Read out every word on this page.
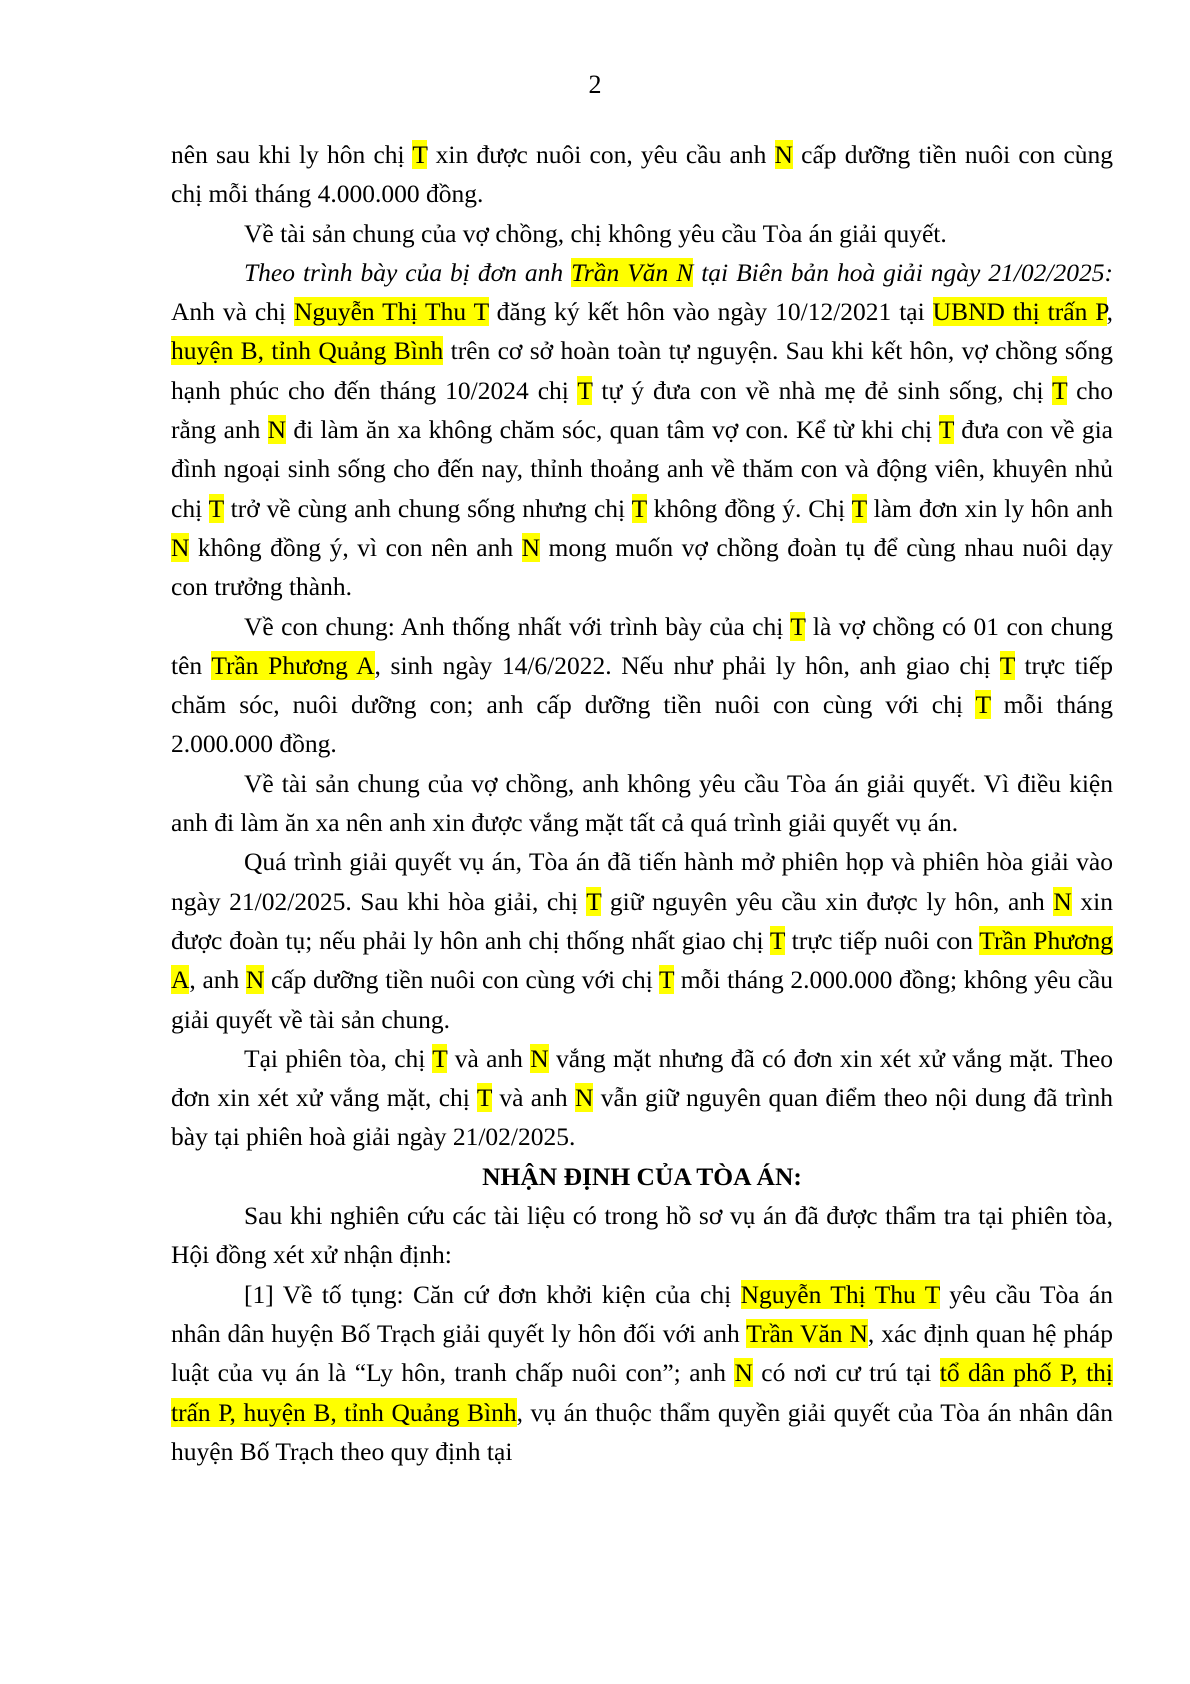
2

nên sau khi ly hôn chị T xin được nuôi con, yêu cầu anh N cấp dưỡng tiền nuôi con cùng chị mỗi tháng 4.000.000 đồng.

Về tài sản chung của vợ chồng, chị không yêu cầu Tòa án giải quyết.

Theo trình bày của bị đơn anh Trần Văn N tại Biên bản hoà giải ngày 21/02/2025: Anh và chị Nguyễn Thị Thu T đăng ký kết hôn vào ngày 10/12/2021 tại UBND thị trấn P, huyện B, tỉnh Quảng Bình trên cơ sở hoàn toàn tự nguyện. Sau khi kết hôn, vợ chồng sống hạnh phúc cho đến tháng 10/2024 chị T tự ý đưa con về nhà mẹ đẻ sinh sống, chị T cho rằng anh N đi làm ăn xa không chăm sóc, quan tâm vợ con. Kể từ khi chị T đưa con về gia đình ngoại sinh sống cho đến nay, thỉnh thoảng anh về thăm con và động viên, khuyên nhủ chị T trở về cùng anh chung sống nhưng chị T không đồng ý. Chị T làm đơn xin ly hôn anh N không đồng ý, vì con nên anh N mong muốn vợ chồng đoàn tụ để cùng nhau nuôi dạy con trưởng thành.

Về con chung: Anh thống nhất với trình bày của chị T là vợ chồng có 01 con chung tên Trần Phương A, sinh ngày 14/6/2022. Nếu như phải ly hôn, anh giao chị T trực tiếp chăm sóc, nuôi dưỡng con; anh cấp dưỡng tiền nuôi con cùng với chị T mỗi tháng 2.000.000 đồng.

Về tài sản chung của vợ chồng, anh không yêu cầu Tòa án giải quyết. Vì điều kiện anh đi làm ăn xa nên anh xin được vắng mặt tất cả quá trình giải quyết vụ án.

Quá trình giải quyết vụ án, Tòa án đã tiến hành mở phiên họp và phiên hòa giải vào ngày 21/02/2025. Sau khi hòa giải, chị T giữ nguyên yêu cầu xin được ly hôn, anh N xin được đoàn tụ; nếu phải ly hôn anh chị thống nhất giao chị T trực tiếp nuôi con Trần Phương A, anh N cấp dưỡng tiền nuôi con cùng với chị T mỗi tháng 2.000.000 đồng; không yêu cầu giải quyết về tài sản chung.

Tại phiên tòa, chị T và anh N vắng mặt nhưng đã có đơn xin xét xử vắng mặt. Theo đơn xin xét xử vắng mặt, chị T và anh N vẫn giữ nguyên quan điểm theo nội dung đã trình bày tại phiên hoà giải ngày 21/02/2025.

NHẬN ĐỊNH CỦA TÒA ÁN:

Sau khi nghiên cứu các tài liệu có trong hồ sơ vụ án đã được thẩm tra tại phiên tòa, Hội đồng xét xử nhận định:

[1] Về tố tụng: Căn cứ đơn khởi kiện của chị Nguyễn Thị Thu T yêu cầu Tòa án nhân dân huyện Bố Trạch giải quyết ly hôn đối với anh Trần Văn N, xác định quan hệ pháp luật của vụ án là “Ly hôn, tranh chấp nuôi con”; anh N có nơi cư trú tại tổ dân phố P, thị trấn P, huyện B, tỉnh Quảng Bình, vụ án thuộc thẩm quyền giải quyết của Tòa án nhân dân huyện Bố Trạch theo quy định tại
